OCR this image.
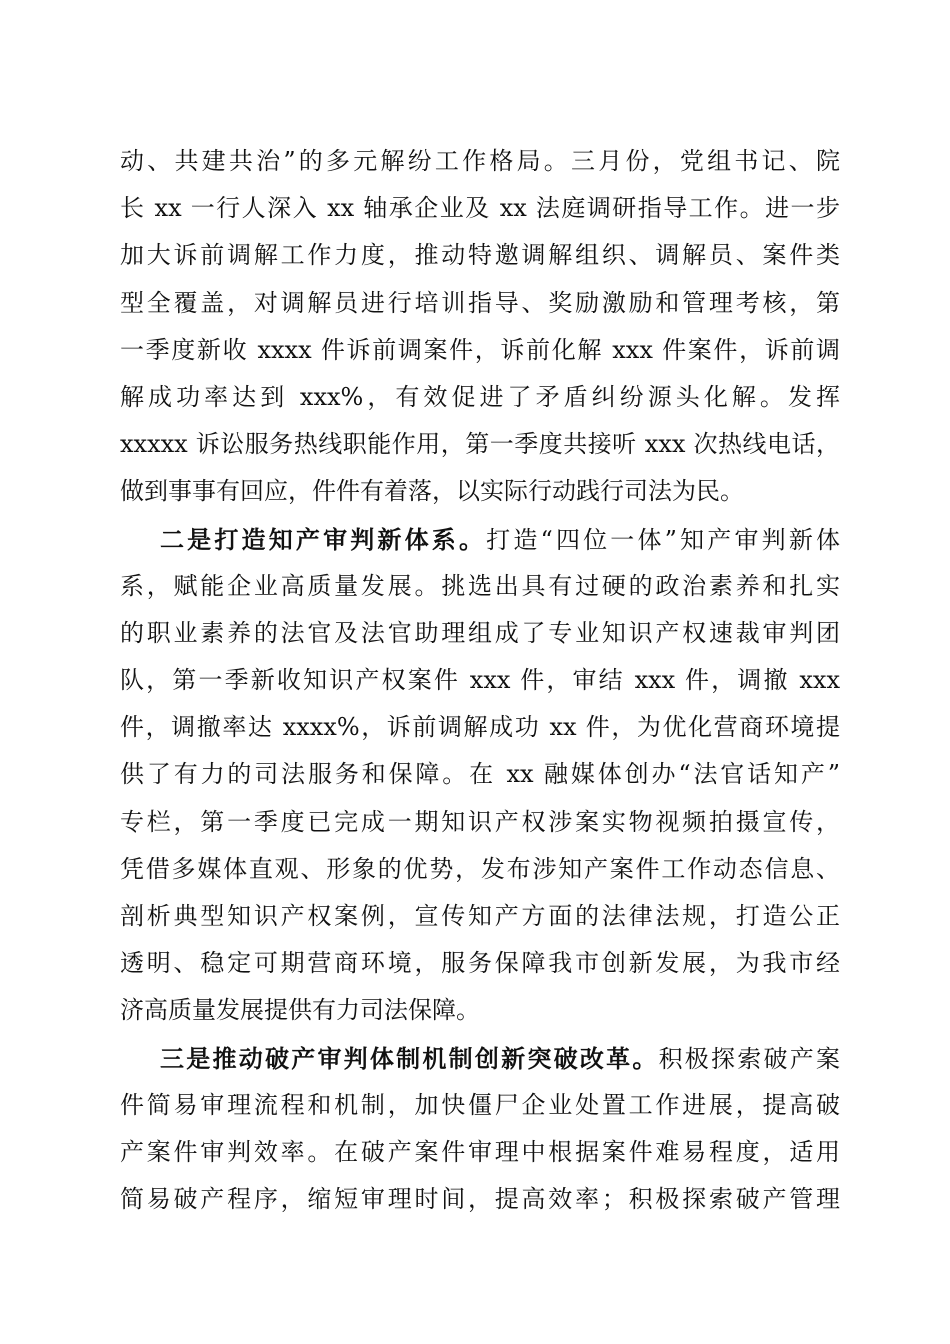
动、共建共治”的多元解纷工作格局。三月份，党组书记、院
长 xx 一行人深入 xx 轴承企业及 xx 法庭调研指导工作。进一步
加大诉前调解工作力度，推动特邀调解组织、调解员、案件类
型全覆盖，对调解员进行培训指导、奖励激励和管理考核，第
一季度新收 xxxx 件诉前调案件，诉前化解 xxx 件案件，诉前调
解成功率达到 xxx%，有效促进了矛盾纠纷源头化解。发挥
xxxxx 诉讼服务热线职能作用，第一季度共接听 xxx 次热线电话，
做到事事有回应，件件有着落，以实际行动践行司法为民。
二是打造知产审判新体系。打造“四位一体”知产审判新体
系，赋能企业高质量发展。挑选出具有过硬的政治素养和扎实
的职业素养的法官及法官助理组成了专业知识产权速裁审判团
队，第一季新收知识产权案件 xxx 件，审结 xxx 件，调撤 xxx
件，调撤率达 xxxx%，诉前调解成功 xx 件，为优化营商环境提
供了有力的司法服务和保障。在 xx 融媒体创办“法官话知产”
专栏，第一季度已完成一期知识产权涉案实物视频拍摄宣传，
凭借多媒体直观、形象的优势，发布涉知产案件工作动态信息、
剖析典型知识产权案例，宣传知产方面的法律法规，打造公正
透明、稳定可期营商环境，服务保障我市创新发展，为我市经
济高质量发展提供有力司法保障。
三是推动破产审判体制机制创新突破改革。积极探索破产案
件简易审理流程和机制，加快僵尸企业处置工作进展，提高破
产案件审判效率。在破产案件审理中根据案件难易程度，适用
简易破产程序，缩短审理时间，提高效率；积极探索破产管理
